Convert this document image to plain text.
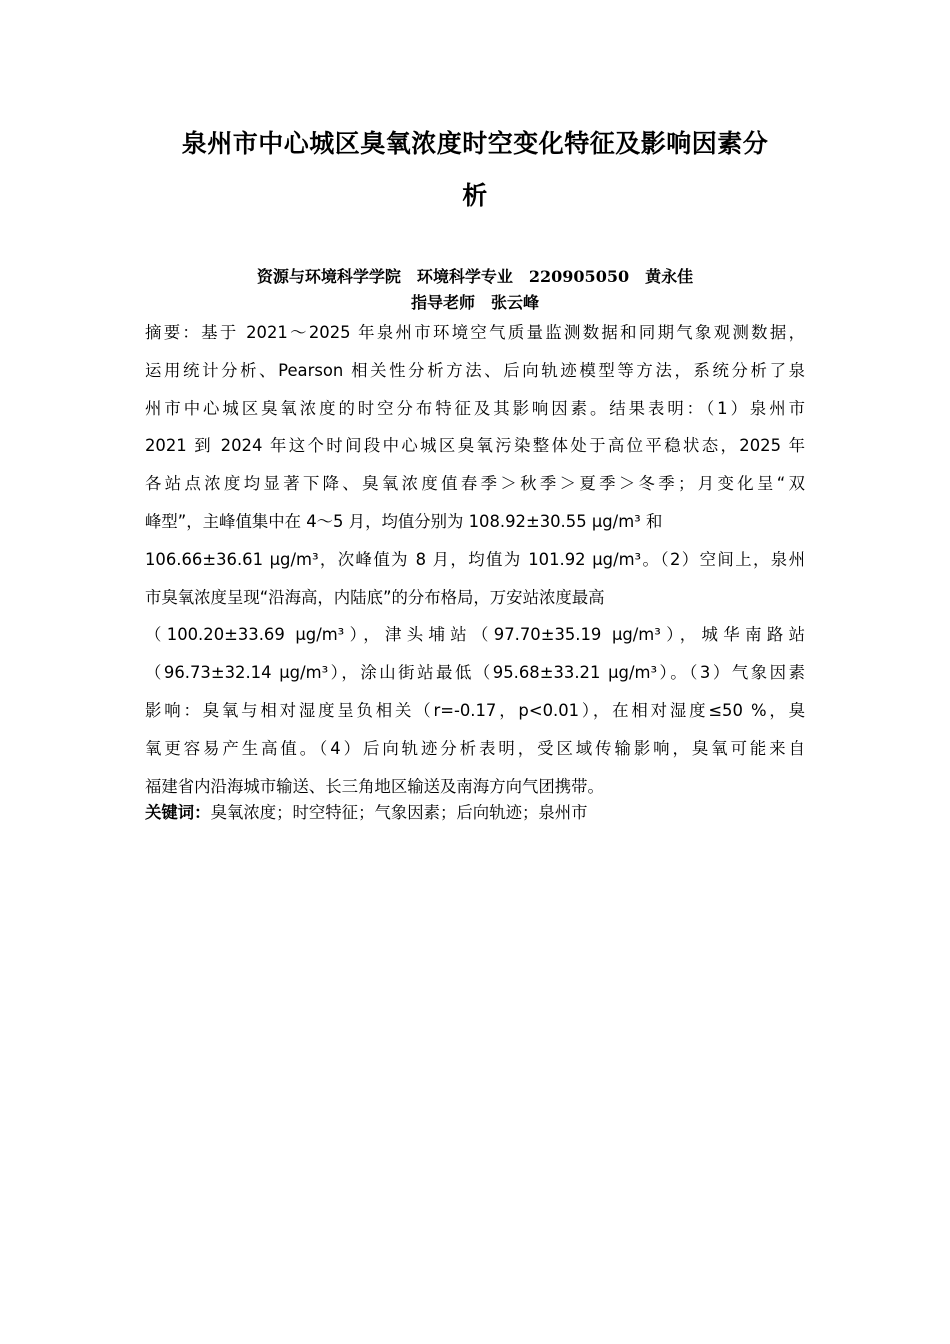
泉州市中心城区臭氧浓度时空变化特征及影响因素分
析
资源与环境科学学院　环境科学专业　220905050　黄永佳
指导老师　张云峰

摘要：基于 2021～2025 年泉州市环境空气质量监测数据和同期气象观测数据，
运用统计分析、Pearson 相关性分析方法、后向轨迹模型等方法，系统分析了泉
州市中心城区臭氧浓度的时空分布特征及其影响因素。结果表明：（1）泉州市
2021 到 2024 年这个时间段中心城区臭氧污染整体处于高位平稳状态，2025 年
各站点浓度均显著下降、臭氧浓度值春季＞秋季＞夏季＞冬季；月变化呈“双
峰型”，主峰值集中在 4～5 月，均值分别为 108.92±30.55 μg/m³ 和
106.66±36.61 μg/m³，次峰值为 8 月，均值为 101.92 μg/m³。（2）空间上，泉州
市臭氧浓度呈现“沿海高，内陆底”的分布格局，万安站浓度最高
（100.20±33.69 μg/m³），津头埔站（97.70±35.19 μg/m³），城华南路站
（96.73±32.14 μg/m³），涂山街站最低（95.68±33.21 μg/m³）。（3）气象因素
影响：臭氧与相对湿度呈负相关（r=-0.17，p<0.01），在相对湿度≤50 %，臭
氧更容易产生高值。（4）后向轨迹分析表明，受区域传输影响，臭氧可能来自
福建省内沿海城市输送、长三角地区输送及南海方向气团携带。

关键词：臭氧浓度；时空特征；气象因素；后向轨迹；泉州市
